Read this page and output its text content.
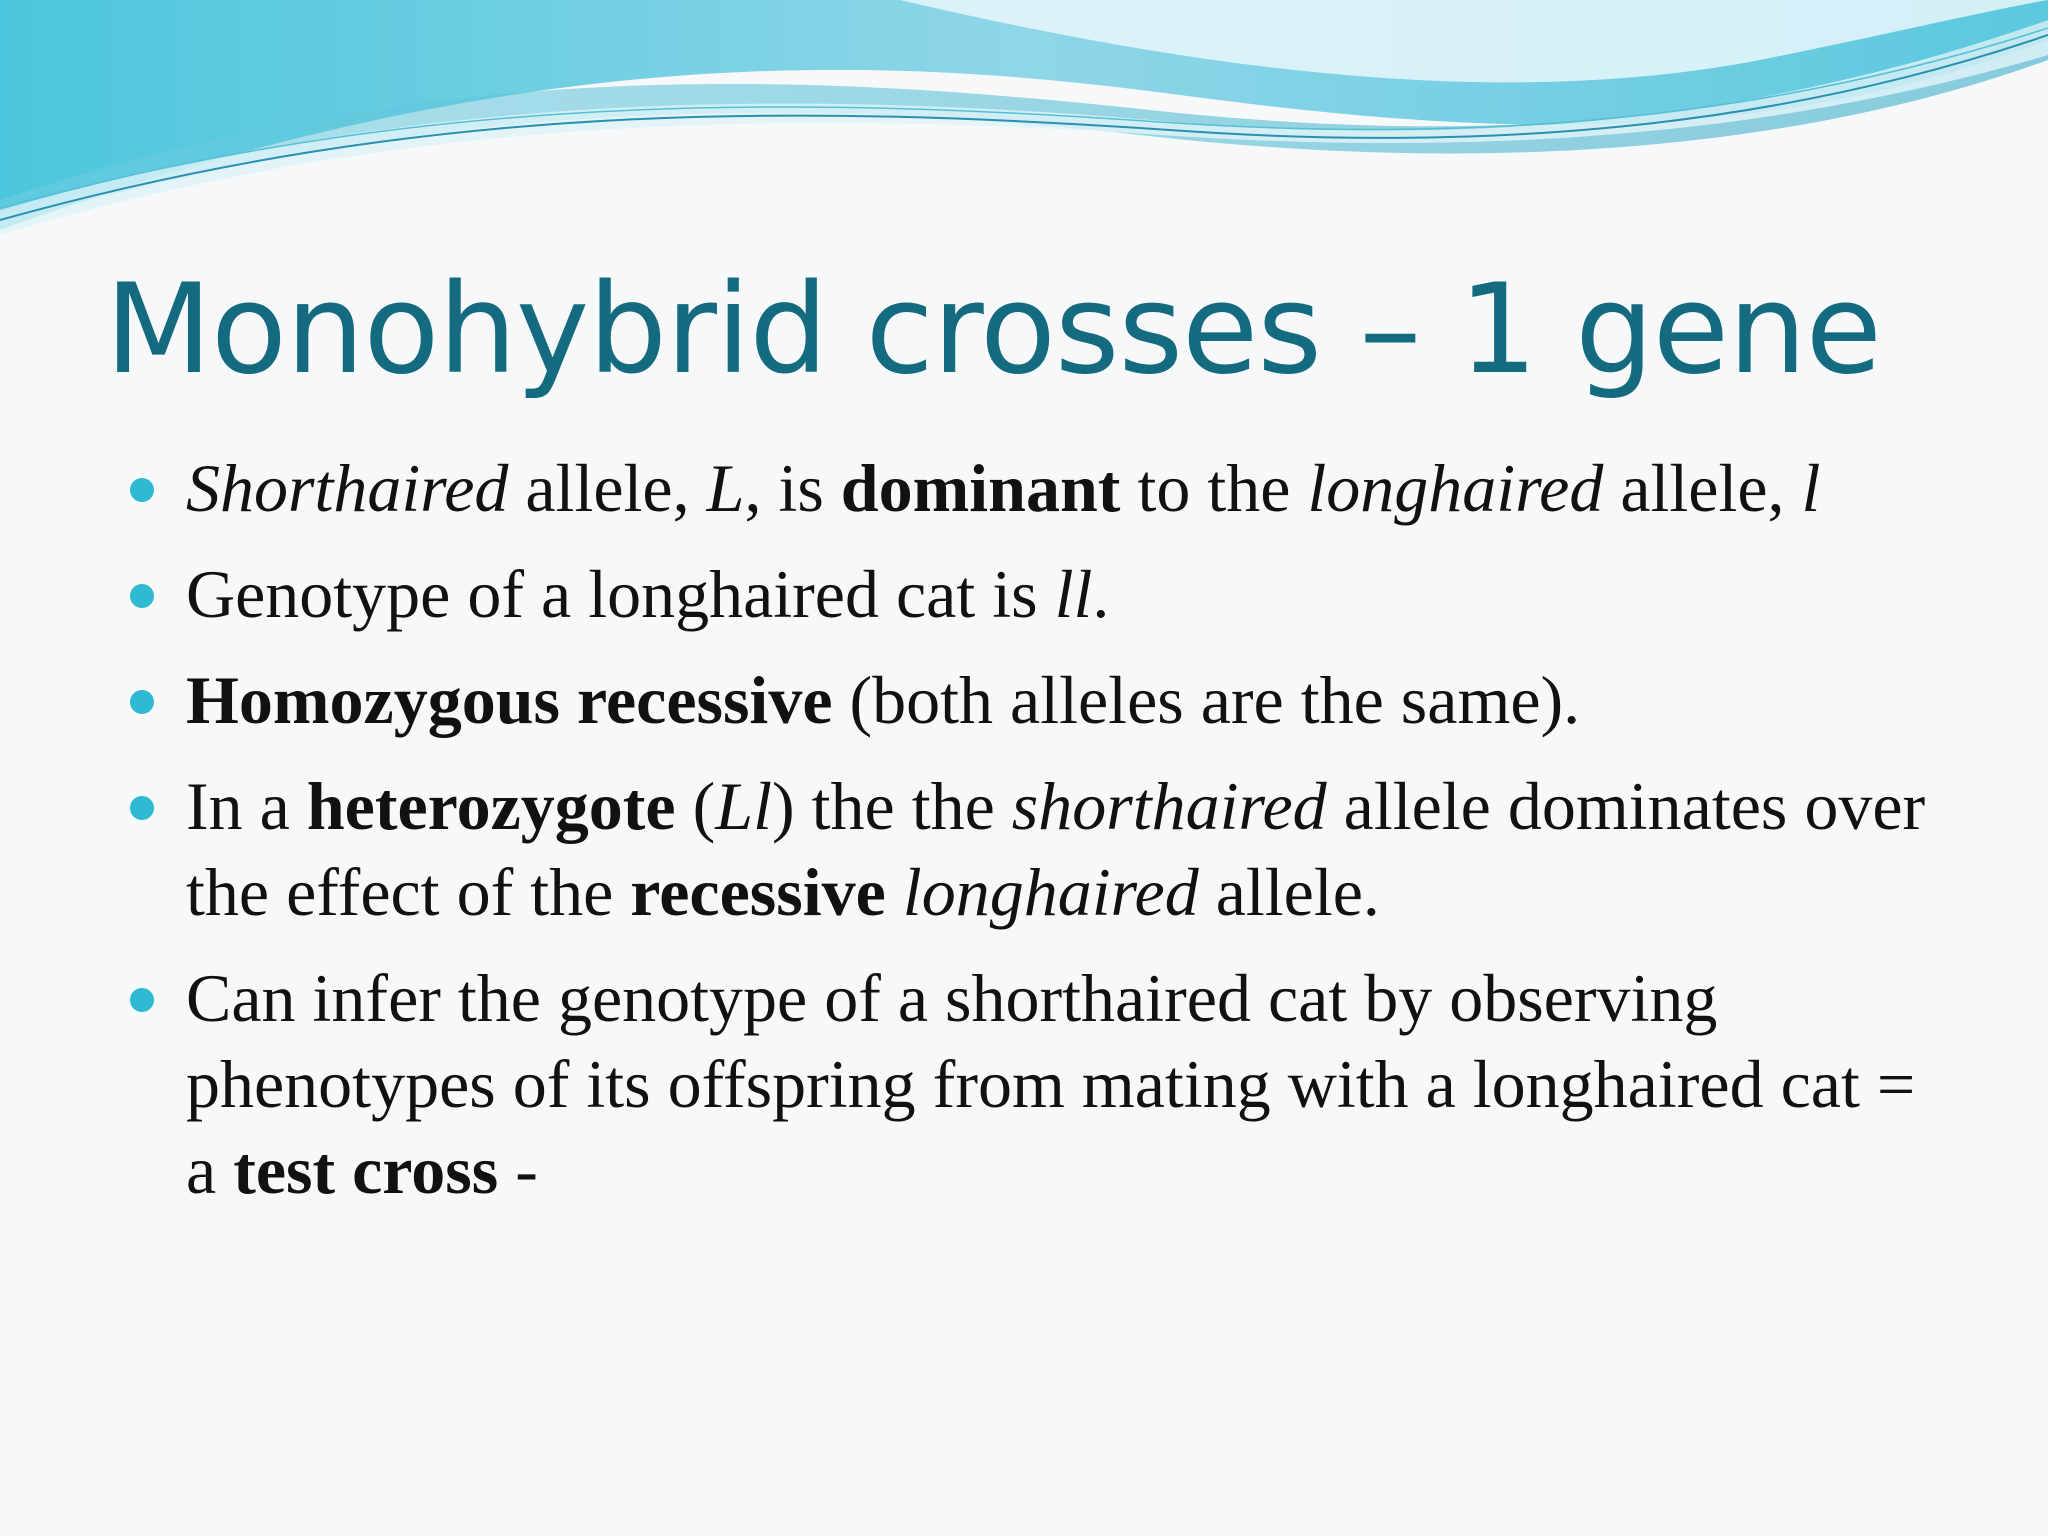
Monohybrid crosses – 1 gene
Shorthaired allele, L, is dominant to the longhaired allele, l
Genotype of a longhaired cat is ll.
Homozygous recessive (both alleles are the same).
In a heterozygote (Ll) the the shorthaired allele dominates over the effect of the recessive longhaired allele.
Can infer the genotype of a shorthaired cat by observing phenotypes of its offspring from mating with a longhaired cat = a test cross -
